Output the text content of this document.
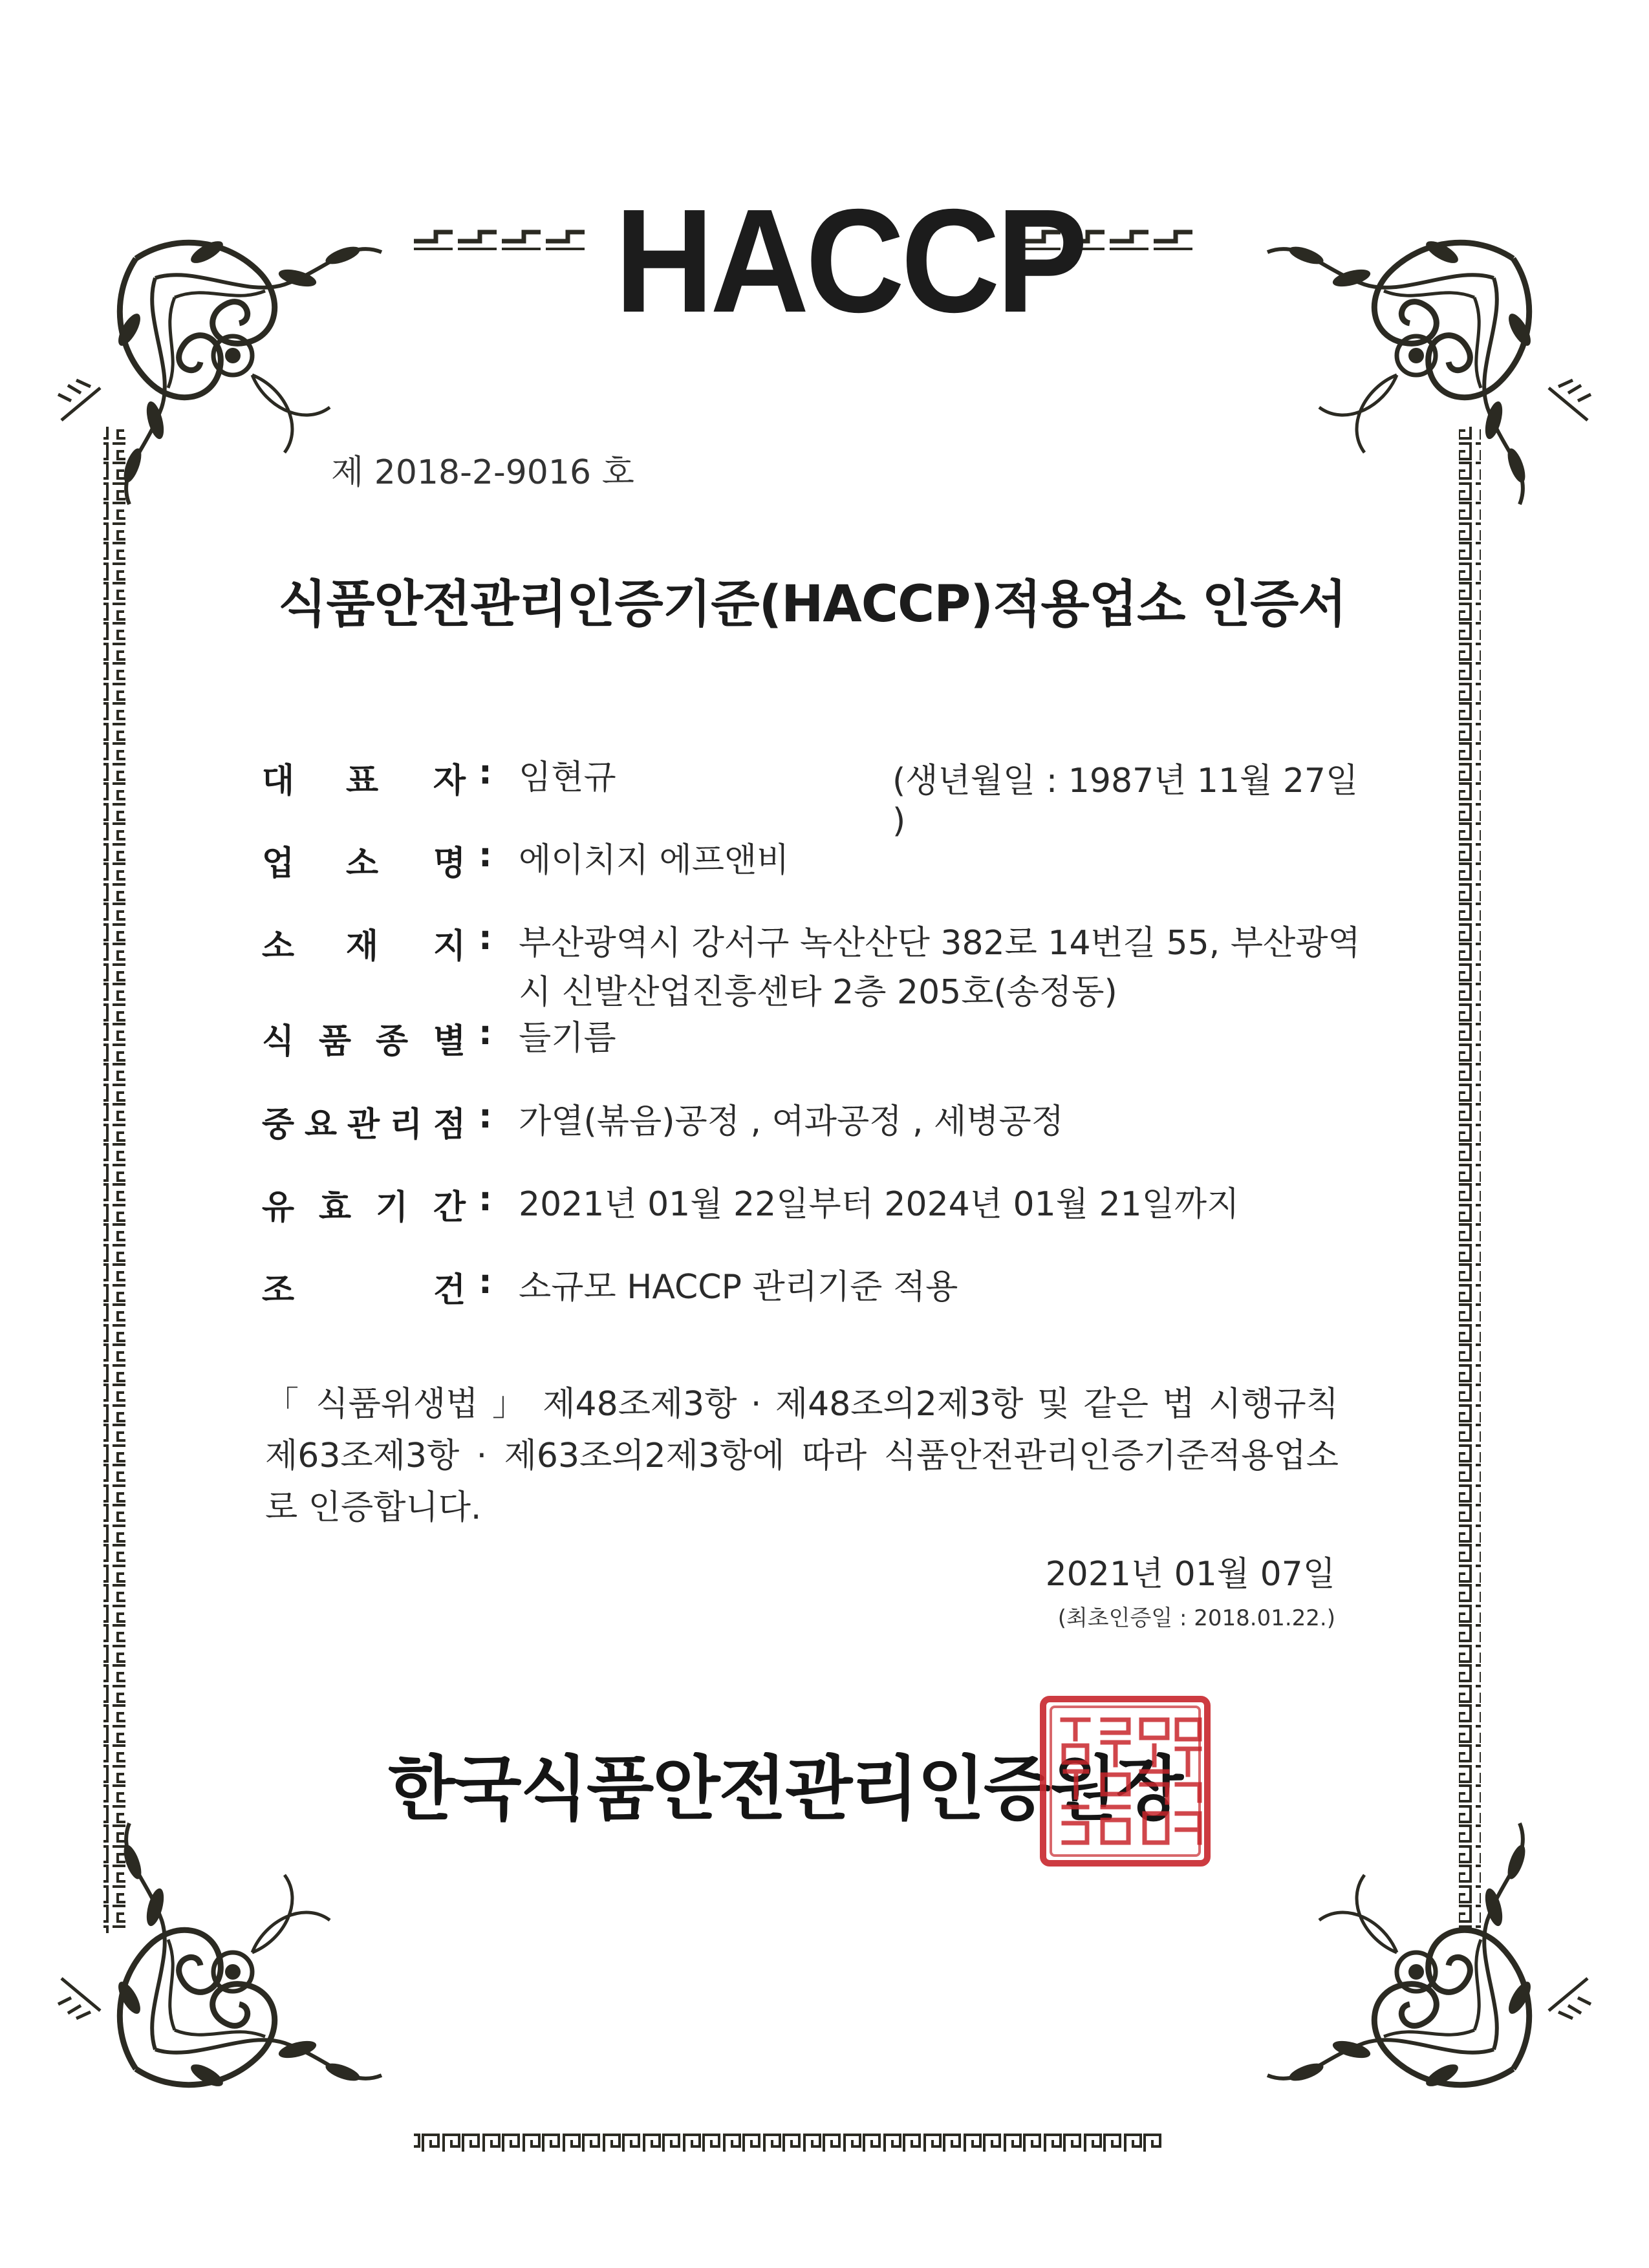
HACCP
제 2018-2-9016 호
식품안전관리인증기준(HACCP)적용업소 인증서
대 표 자 : 임현규	(생년월일 : 1987년 11월 27일 )
업 소 명 : 에이치지 에프앤비
소 재 지 : 부산광역시 강서구 녹산산단 382로 14번길 55, 부산광역
시 신발산업진흥센타 2층 205호(송정동)
식 품 종 별 : 들기름
중 요 관 리 점 : 가열(볶음)공정 , 여과공정 , 세병공정
유 효 기 간 : 2021년 01월 22일부터 2024년 01월 21일까지
조	건 : 소규모 HACCP 관리기준 적용
「 식품위생법 」 제48조제3항 · 제48조의2제3항 및 같은 법 시행규칙 제63조제3항 · 제63조의2제3항에 따라 식품안전관리인증기준적용업소로 인증합니다.
2021년 01월 07일
(최초인증일 : 2018.01.22.)
한국식품안전관리인증원장
